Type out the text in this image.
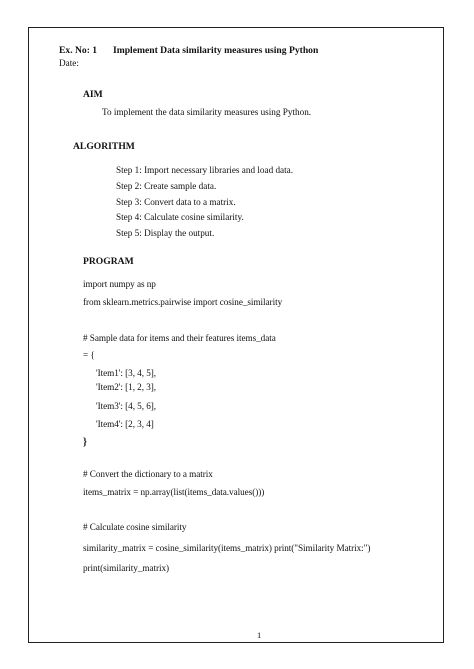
Ex. No: 1 Implement Data similarity measures using Python
Date:
AIM
To implement the data similarity measures using Python.
ALGORITHM
Step 1: Import necessary libraries and load data.
Step 2: Create sample data.
Step 3: Convert data to a matrix.
Step 4: Calculate cosine similarity.
Step 5: Display the output.
PROGRAM
import numpy as np
from sklearn.metrics.pairwise import cosine_similarity
# Sample data for items and their features items_data
= {
'Item1': [3, 4, 5],
'Item2': [1, 2, 3],
'Item3': [4, 5, 6],
'Item4': [2, 3, 4]
}
# Convert the dictionary to a matrix
items_matrix = np.array(list(items_data.values()))
# Calculate cosine similarity
similarity_matrix = cosine_similarity(items_matrix) print("Similarity Matrix:")
print(similarity_matrix)
1
